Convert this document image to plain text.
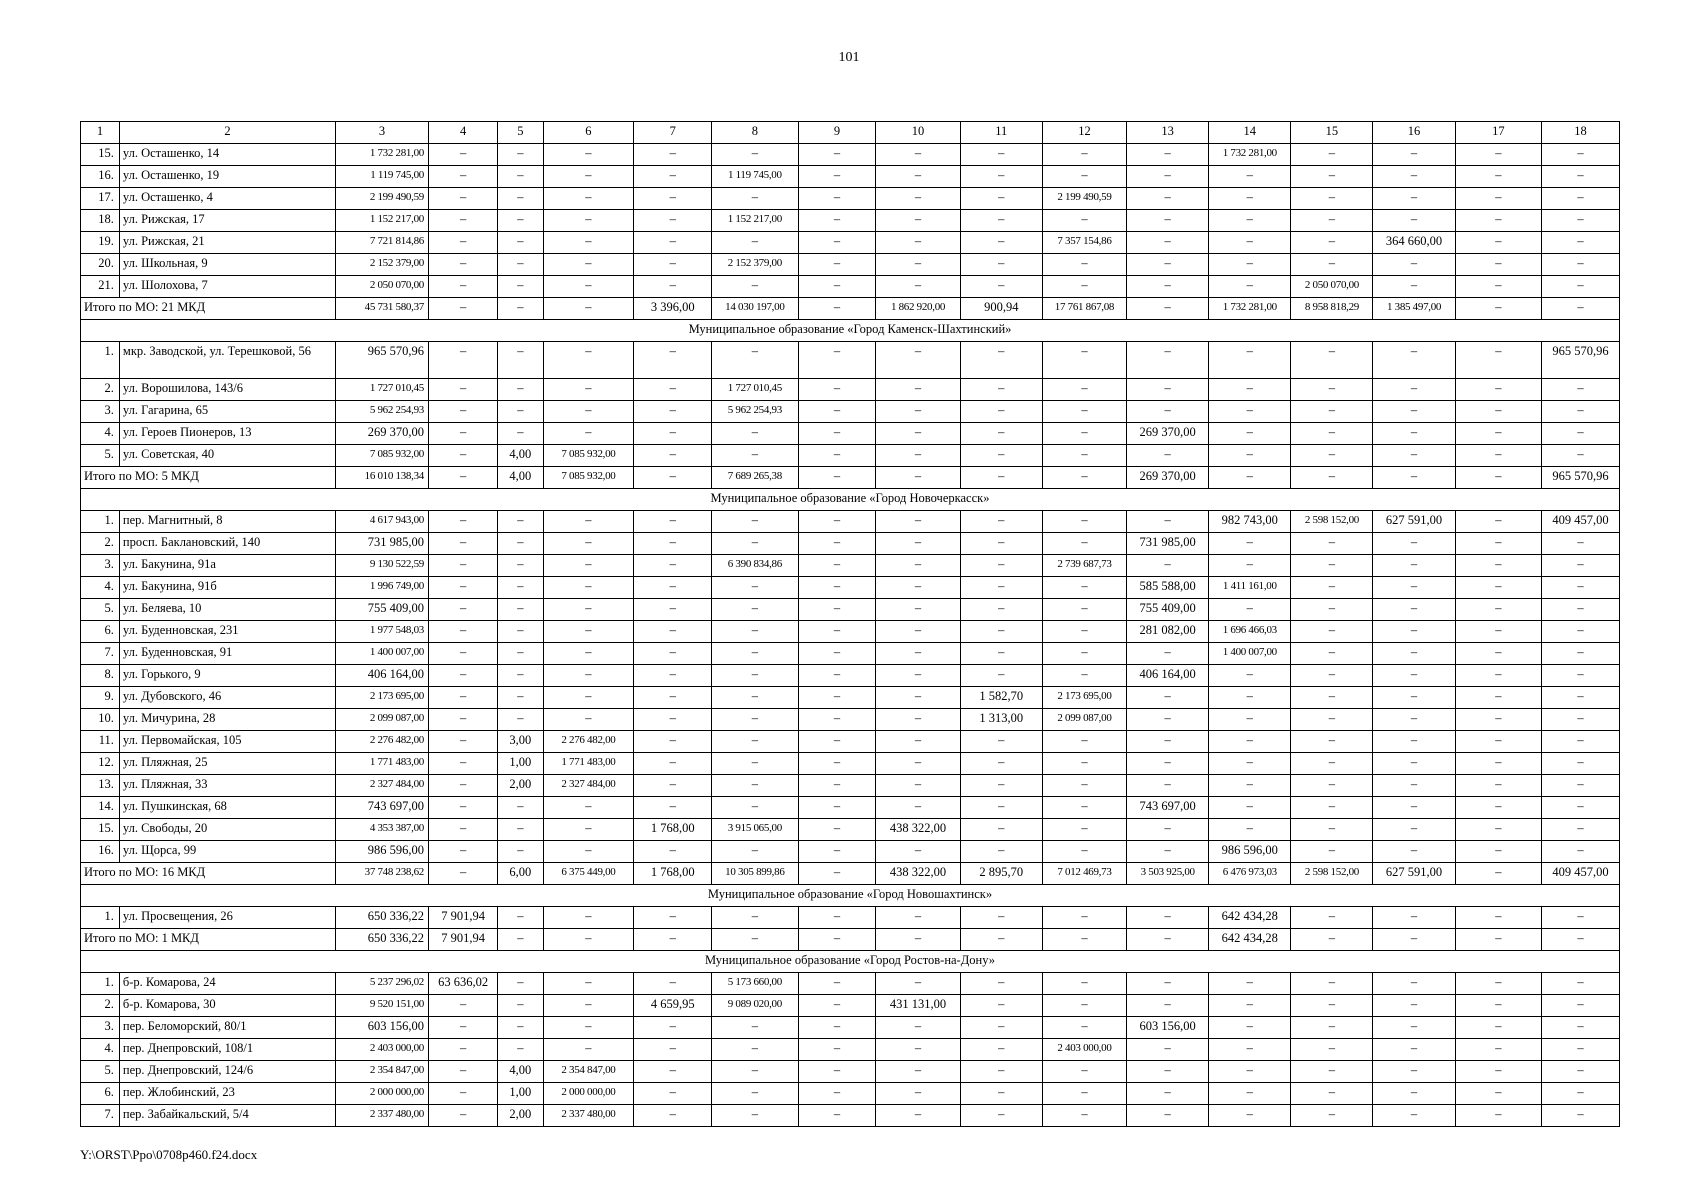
101
1	2	3	4	5	6	7	8	9	10	11	12	13	14	15	16	17	18
15.	ул. Осташенко, 14	1 732 281,00	–	–	–	–	–	–	–	–	–	–	1 732 281,00	–	–	–	–
16.	ул. Осташенко, 19	1 119 745,00	–	–	–	–	1 119 745,00	–	–	–	–	–	–	–	–	–	–
17.	ул. Осташенко, 4	2 199 490,59	–	–	–	–	–	–	–	–	2 199 490,59	–	–	–	–	–	–
18.	ул. Рижская, 17	1 152 217,00	–	–	–	–	1 152 217,00	–	–	–	–	–	–	–	–	–	–
19.	ул. Рижская, 21	7 721 814,86	–	–	–	–	–	–	–	–	7 357 154,86	–	–	–	364 660,00	–	–
20.	ул. Школьная, 9	2 152 379,00	–	–	–	–	2 152 379,00	–	–	–	–	–	–	–	–	–	–
21.	ул. Шолохова, 7	2 050 070,00	–	–	–	–	–	–	–	–	–	–	–	2 050 070,00	–	–	–
Итого по МО: 21 МКД		45 731 580,37	–	–	–	3 396,00	14 030 197,00	–	1 862 920,00	900,94	17 761 867,08	–	1 732 281,00	8 958 818,29	1 385 497,00	–	–
Муниципальное образование «Город Каменск-Шахтинский»																	
1.	мкр. Заводской, ул. Терешковой, 56	965 570,96	–	–	–	–	–	–	–	–	–	–	–	–	–	–	965 570,96
2.	ул. Ворошилова, 143/6	1 727 010,45	–	–	–	–	1 727 010,45	–	–	–	–	–	–	–	–	–	–
3.	ул. Гагарина, 65	5 962 254,93	–	–	–	–	5 962 254,93	–	–	–	–	–	–	–	–	–	–
4.	ул. Героев Пионеров, 13	269 370,00	–	–	–	–	–	–	–	–	–	269 370,00	–	–	–	–	–
5.	ул. Советская, 40	7 085 932,00	–	4,00	7 085 932,00	–	–	–	–	–	–	–	–	–	–	–	–
Итого по МО: 5 МКД		16 010 138,34	–	4,00	7 085 932,00	–	7 689 265,38	–	–	–	–	269 370,00	–	–	–	–	965 570,96
Муниципальное образование «Город Новочеркасск»																	
1.	пер. Магнитный, 8	4 617 943,00	–	–	–	–	–	–	–	–	–	–	982 743,00	2 598 152,00	627 591,00	–	409 457,00
2.	просп. Баклановский, 140	731 985,00	–	–	–	–	–	–	–	–	–	731 985,00	–	–	–	–	–
3.	ул. Бакунина, 91а	9 130 522,59	–	–	–	–	6 390 834,86	–	–	–	2 739 687,73	–	–	–	–	–	–
4.	ул. Бакунина, 91б	1 996 749,00	–	–	–	–	–	–	–	–	–	585 588,00	1 411 161,00	–	–	–	–
5.	ул. Беляева, 10	755 409,00	–	–	–	–	–	–	–	–	–	755 409,00	–	–	–	–	–
6.	ул. Буденновская, 231	1 977 548,03	–	–	–	–	–	–	–	–	–	281 082,00	1 696 466,03	–	–	–	–
7.	ул. Буденновская, 91	1 400 007,00	–	–	–	–	–	–	–	–	–	–	1 400 007,00	–	–	–	–
8.	ул. Горького, 9	406 164,00	–	–	–	–	–	–	–	–	–	406 164,00	–	–	–	–	–
9.	ул. Дубовского, 46	2 173 695,00	–	–	–	–	–	–	–	1 582,70	2 173 695,00	–	–	–	–	–	–
10.	ул. Мичурина, 28	2 099 087,00	–	–	–	–	–	–	–	1 313,00	2 099 087,00	–	–	–	–	–	–
11.	ул. Первомайская, 105	2 276 482,00	–	3,00	2 276 482,00	–	–	–	–	–	–	–	–	–	–	–	–
12.	ул. Пляжная, 25	1 771 483,00	–	1,00	1 771 483,00	–	–	–	–	–	–	–	–	–	–	–	–
13.	ул. Пляжная, 33	2 327 484,00	–	2,00	2 327 484,00	–	–	–	–	–	–	–	–	–	–	–	–
14.	ул. Пушкинская, 68	743 697,00	–	–	–	–	–	–	–	–	–	743 697,00	–	–	–	–	–
15.	ул. Свободы, 20	4 353 387,00	–	–	–	1 768,00	3 915 065,00	–	438 322,00	–	–	–	–	–	–	–	–
16.	ул. Щорса, 99	986 596,00	–	–	–	–	–	–	–	–	–	–	986 596,00	–	–	–	–
Итого по МО: 16 МКД		37 748 238,62	–	6,00	6 375 449,00	1 768,00	10 305 899,86	–	438 322,00	2 895,70	7 012 469,73	3 503 925,00	6 476 973,03	2 598 152,00	627 591,00	–	409 457,00
Муниципальное образование «Город Новошахтинск»																	
1.	ул. Просвещения, 26	650 336,22	7 901,94	–	–	–	–	–	–	–	–	–	642 434,28	–	–	–	–
Итого по МО: 1 МКД		650 336,22	7 901,94	–	–	–	–	–	–	–	–	–	642 434,28	–	–	–	–
Муниципальное образование «Город Ростов-на-Дону»																	
1.	б-р. Комарова, 24	5 237 296,02	63 636,02	–	–	–	5 173 660,00	–	–	–	–	–	–	–	–	–	–
2.	б-р. Комарова, 30	9 520 151,00	–	–	–	4 659,95	9 089 020,00	–	431 131,00	–	–	–	–	–	–	–	–
3.	пер. Беломорский, 80/1	603 156,00	–	–	–	–	–	–	–	–	–	603 156,00	–	–	–	–	–
4.	пер. Днепровский, 108/1	2 403 000,00	–	–	–	–	–	–	–	–	2 403 000,00	–	–	–	–	–	–
5.	пер. Днепровский, 124/6	2 354 847,00	–	4,00	2 354 847,00	–	–	–	–	–	–	–	–	–	–	–	–
6.	пер. Жлобинский, 23	2 000 000,00	–	1,00	2 000 000,00	–	–	–	–	–	–	–	–	–	–	–	–
7.	пер. Забайкальский, 5/4	2 337 480,00	–	2,00	2 337 480,00	–	–	–	–	–	–	–	–	–	–	–	–
Y:\ORST\Ppo\0708p460.f24.docx
